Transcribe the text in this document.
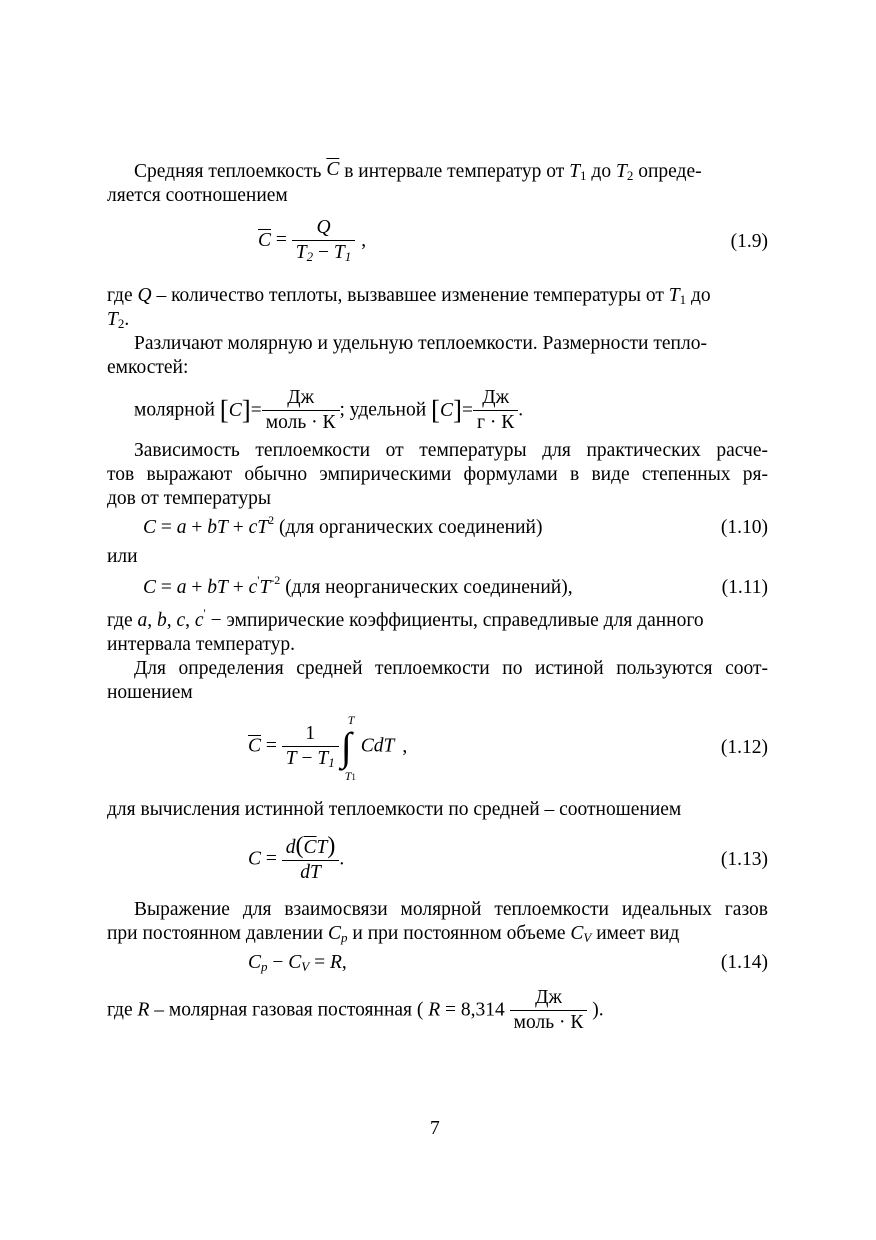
Средняя теплоемкость $\overline{C}$ в интервале температур от $T_1$ до $T_2$ опреде-
ляется соотношением
$\overline{C} = \frac{Q}{T_2 - T_1}$ ,	(1.9)
где Q – количество теплоты, вызвавшее изменение температуры от $T_1$ до
$T_2$.
Различают молярную и удельную теплоемкости. Размерности тепло-
емкостей:
молярной $[C]= \frac{Дж}{\text{моль · К}}$ ; удельной $[C]= \frac{Дж}{г \cdot К}$ .
Зависимость теплоемкости от температуры для практических расче-
тов выражают обычно эмпирическими формулами в виде степенных ря-
дов от температуры
C = a + bT + $cT^2$ (для органических соединений)	(1.10)
или
C = a + bT + $c'T^{-2}$ (для неорганических соединений),	(1.11)
где a, b, c, c' − эмпирические коэффициенты, справедливые для данного
интервала температур.
Для определения средней теплоемкости по истиной пользуются соот-
ношением
$\overline{C} = \frac{1}{T - T_1}$
T
∫
T1
CdT ,	(1.12)
для вычисления истинной теплоемкости по средней – соотношением
$C = \frac{d(\overline{C}T)}{dT}$ .	(1.13)
Выражение для взаимосвязи молярной теплоемкости идеальных газов
при постоянном давлении $C_p$ и при постоянном объеме $C_V$ имеет вид
$C_p - C_V = R$,	(1.14)
где R – молярная газовая постоянная ( $R = 8,314 \frac{Дж}{\text{моль · К}}$ ).
7
